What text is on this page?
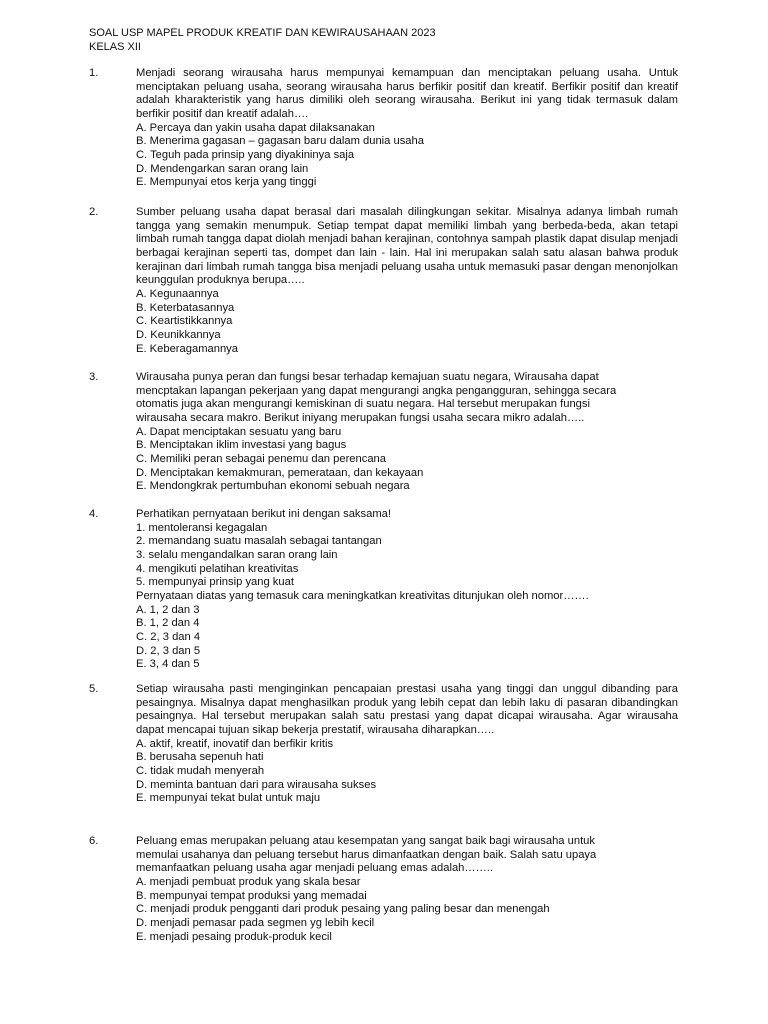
SOAL USP MAPEL PRODUK KREATIF DAN KEWIRAUSAHAAN 2023
KELAS XII
1.	Menjadi seorang wirausaha harus mempunyai kemampuan dan menciptakan peluang usaha. Untuk menciptakan peluang usaha, seorang wirausaha harus berfikir positif dan kreatif. Berfikir positif dan kreatif adalah kharakteristik yang harus dimiliki oleh seorang wirausaha. Berikut ini yang tidak termasuk dalam berfikir positif dan kreatif adalah….

A. Percaya dan yakin usaha dapat dilaksanakan
B. Menerima gagasan – gagasan baru dalam dunia usaha
C. Teguh pada prinsip yang diyakininya saja
D. Mendengarkan saran orang lain
E. Mempunyai etos kerja yang tinggi
2.	Sumber peluang usaha dapat berasal dari masalah dilingkungan sekitar. Misalnya adanya limbah rumah tangga yang semakin menumpuk. Setiap tempat dapat memiliki limbah yang berbeda-beda, akan tetapi limbah rumah tangga dapat diolah menjadi bahan kerajinan, contohnya sampah plastik dapat disulap menjadi berbagai kerajinan seperti tas, dompet dan lain - lain. Hal ini merupakan salah satu alasan bahwa produk kerajinan dari limbah rumah tangga bisa menjadi peluang usaha untuk memasuki pasar dengan menonjolkan keunggulan produknya berupa…..

A. Kegunaannya
B. Keterbatasannya
C. Keartistikkannya
D. Keunikkannya
E. Keberagamannya
3.	Wirausaha punya peran dan fungsi besar terhadap kemajuan suatu negara, Wirausaha dapat
mencptakan lapangan pekerjaan yang dapat mengurangi angka pengangguran, sehingga secara
otomatis juga akan mengurangi kemiskinan di suatu negara. Hal tersebut merupakan fungsi
wirausaha secara makro. Berikut iniyang merupakan fungsi usaha secara mikro adalah…..
A. Dapat menciptakan sesuatu yang baru
B. Menciptakan iklim investasi yang bagus
C. Memiliki peran sebagai penemu dan perencana
D. Menciptakan kemakmuran, pemerataan, dan kekayaan
E. Mendongkrak pertumbuhan ekonomi sebuah negara
4.	Perhatikan pernyataan berikut ini dengan saksama!
1. mentoleransi kegagalan
2. memandang suatu masalah sebagai tantangan
3. selalu mengandalkan saran orang lain
4. mengikuti pelatihan kreativitas
5. mempunyai prinsip yang kuat
Pernyataan diatas yang temasuk cara meningkatkan kreativitas ditunjukan oleh nomor…….
A. 1, 2 dan 3
B. 1, 2 dan 4
C. 2, 3 dan 4
D. 2, 3 dan 5
E. 3, 4 dan 5
5.	Setiap wirausaha pasti menginginkan pencapaian prestasi usaha yang tinggi dan unggul dibanding para pesaingnya. Misalnya dapat menghasilkan produk yang lebih cepat dan lebih laku di pasaran dibandingkan pesaingnya. Hal tersebut merupakan salah satu prestasi yang dapat dicapai wirausaha. Agar wirausaha dapat mencapai tujuan sikap bekerja prestatif, wirausaha diharapkan…..

A. aktif, kreatif, inovatif dan berfikir kritis
B. berusaha sepenuh hati
C. tidak mudah menyerah
D. meminta bantuan dari para wirausaha sukses
E. mempunyai tekat bulat untuk maju
6.	Peluang emas merupakan peluang atau kesempatan yang sangat baik bagi wirausaha untuk
memulai usahanya dan peluang tersebut harus dimanfaatkan dengan baik. Salah satu upaya
memanfaatkan peluang usaha agar menjadi peluang emas adalah……..
A. menjadi pembuat produk yang skala besar
B. mempunyai tempat produksi yang memadai
C. menjadi produk pengganti dari produk pesaing yang paling besar dan menengah
D. menjadi pemasar pada segmen yg lebih kecil
E. menjadi pesaing produk-produk kecil
